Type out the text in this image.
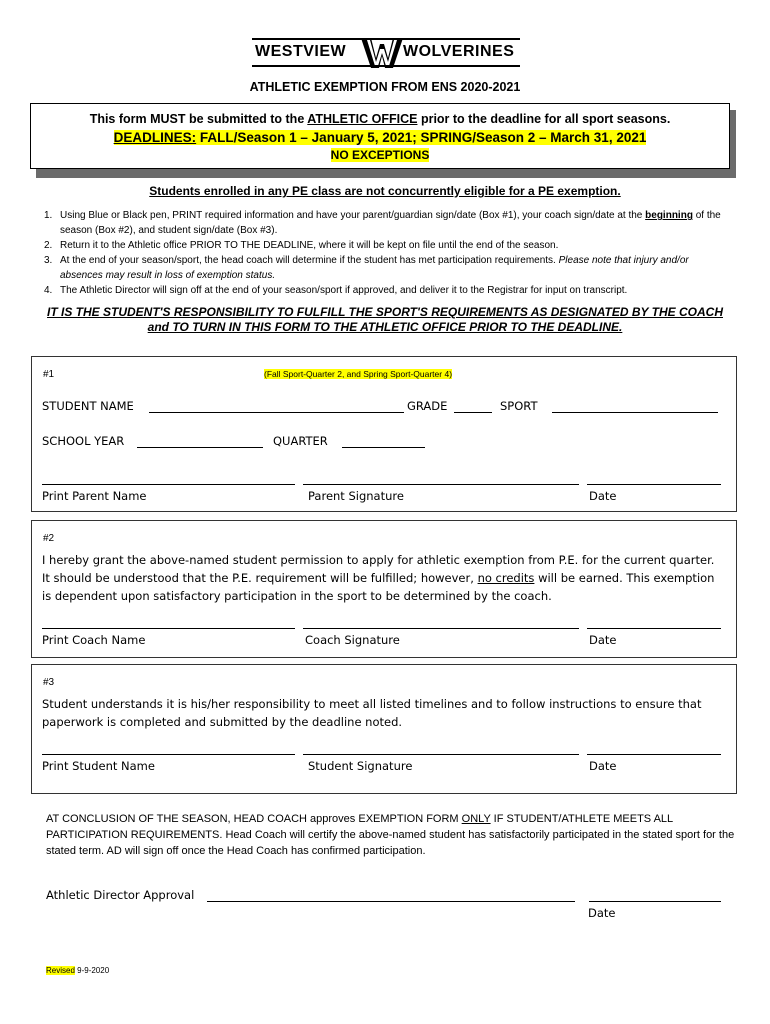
WESTVIEW	WOLVERINES
ATHLETIC EXEMPTION FROM ENS 2020-2021
This form MUST be submitted to the ATHLETIC OFFICE prior to the deadline for all sport seasons.
DEADLINES: FALL/Season 1 – January 5, 2021; SPRING/Season 2 – March 31, 2021
NO EXCEPTIONS
Students enrolled in any PE class are not concurrently eligible for a PE exemption.
1. Using Blue or Black pen, PRINT required information and have your parent/guardian sign/date (Box #1), your coach sign/date at the beginning of the season (Box #2), and student sign/date (Box #3).
2. Return it to the Athletic office PRIOR TO THE DEADLINE, where it will be kept on file until the end of the season.
3. At the end of your season/sport, the head coach will determine if the student has met participation requirements. Please note that injury and/or absences may result in loss of exemption status.
4. The Athletic Director will sign off at the end of your season/sport if approved, and deliver it to the Registrar for input on transcript.
IT IS THE STUDENT'S RESPONSIBILITY TO FULFILL THE SPORT'S REQUIREMENTS AS DESIGNATED BY THE COACH
and TO TURN IN THIS FORM TO THE ATHLETIC OFFICE PRIOR TO THE DEADLINE.
#1	(Fall Sport-Quarter 2, and Spring Sport-Quarter 4)
STUDENT NAME	GRADE	SPORT
SCHOOL YEAR	QUARTER
Print Parent Name	Parent Signature	Date
#2
I hereby grant the above-named student permission to apply for athletic exemption from P.E. for the current quarter.
It should be understood that the P.E. requirement will be fulfilled; however, no credits will be earned. This exemption
is dependent upon satisfactory participation in the sport to be determined by the coach.
Print Coach Name	Coach Signature	Date
#3
Student understands it is his/her responsibility to meet all listed timelines and to follow instructions to ensure that
paperwork is completed and submitted by the deadline noted.
Print Student Name	Student Signature	Date
AT CONCLUSION OF THE SEASON, HEAD COACH approves EXEMPTION FORM ONLY IF STUDENT/ATHLETE MEETS ALL PARTICIPATION REQUIREMENTS. Head Coach will certify the above-named student has satisfactorily participated in the stated sport for the stated term. AD will sign off once the Head Coach has confirmed participation.
Athletic Director Approval
Date
Revised 9-9-2020
